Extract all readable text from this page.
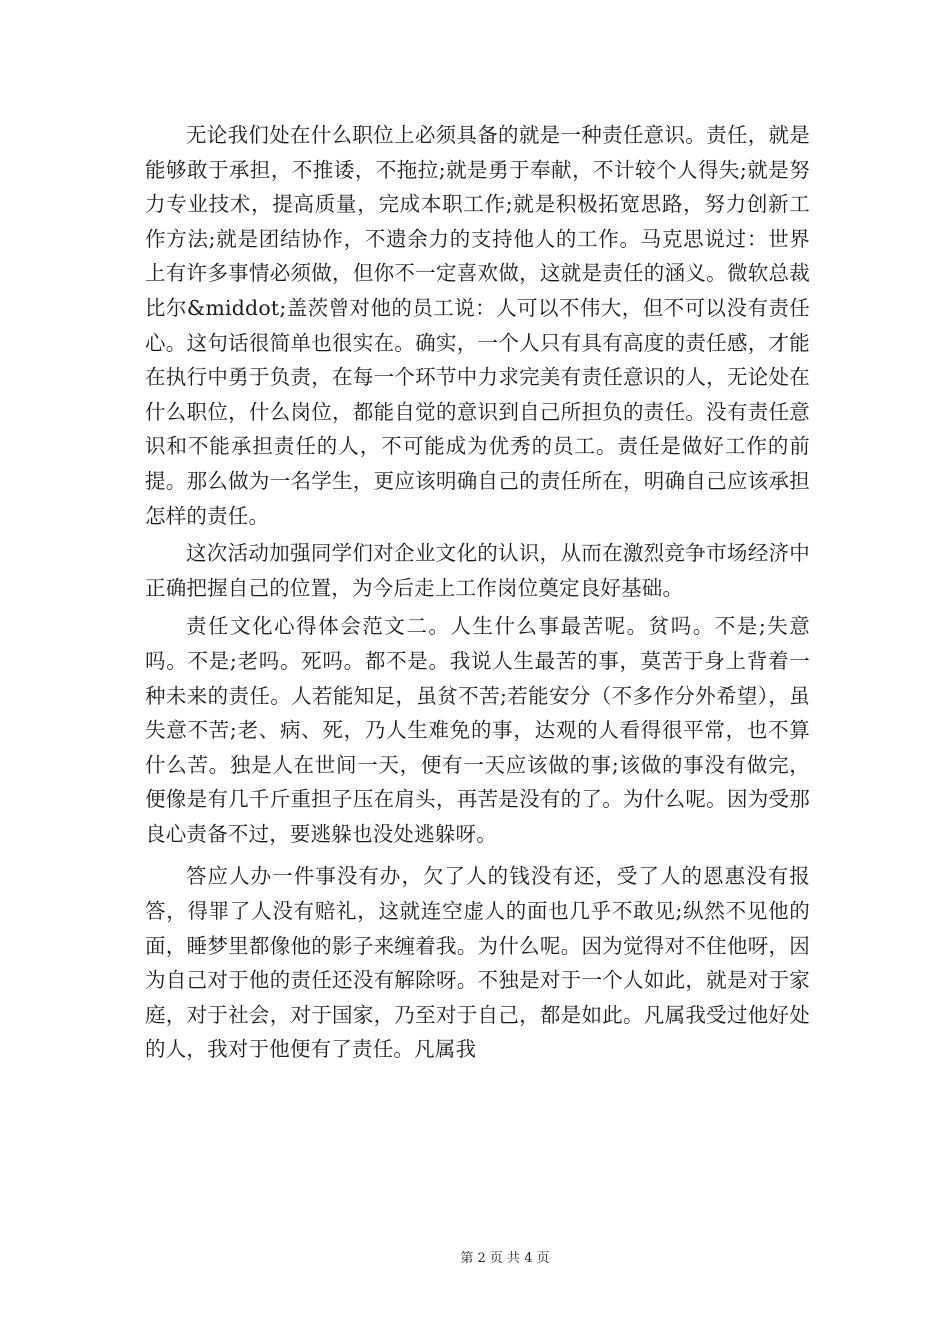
无论我们处在什么职位上必须具备的就是一种责任意识。责任，就是能够敢于承担，不推诿，不拖拉;就是勇于奉献，不计较个人得失;就是努力专业技术，提高质量，完成本职工作;就是积极拓宽思路，努力创新工作方法;就是团结协作，不遗余力的支持他人的工作。马克思说过：世界上有许多事情必须做，但你不一定喜欢做，这就是责任的涵义。微软总裁比尔&middot;盖茨曾对他的员工说：人可以不伟大，但不可以没有责任心。这句话很简单也很实在。确实，一个人只有具有高度的责任感，才能在执行中勇于负责，在每一个环节中力求完美有责任意识的人，无论处在什么职位，什么岗位，都能自觉的意识到自己所担负的责任。没有责任意识和不能承担责任的人，不可能成为优秀的员工。责任是做好工作的前提。那么做为一名学生，更应该明确自己的责任所在，明确自己应该承担怎样的责任。

这次活动加强同学们对企业文化的认识，从而在激烈竞争市场经济中正确把握自己的位置，为今后走上工作岗位奠定良好基础。

责任文化心得体会范文二。人生什么事最苦呢。贫吗。不是;失意吗。不是;老吗。死吗。都不是。我说人生最苦的事，莫苦于身上背着一种未来的责任。人若能知足，虽贫不苦;若能安分（不多作分外希望），虽失意不苦;老、病、死，乃人生难免的事，达观的人看得很平常，也不算什么苦。独是人在世间一天，便有一天应该做的事;该做的事没有做完，便像是有几千斤重担子压在肩头，再苦是没有的了。为什么呢。因为受那良心责备不过，要逃躲也没处逃躲呀。

答应人办一件事没有办，欠了人的钱没有还，受了人的恩惠没有报答，得罪了人没有赔礼，这就连空虚人的面也几乎不敢见;纵然不见他的面，睡梦里都像他的影子来缠着我。为什么呢。因为觉得对不住他呀，因为自己对于他的责任还没有解除呀。不独是对于一个人如此，就是对于家庭，对于社会，对于国家，乃至对于自己，都是如此。凡属我受过他好处的人，我对于他便有了责任。凡属我

第 2 页 共 4 页
